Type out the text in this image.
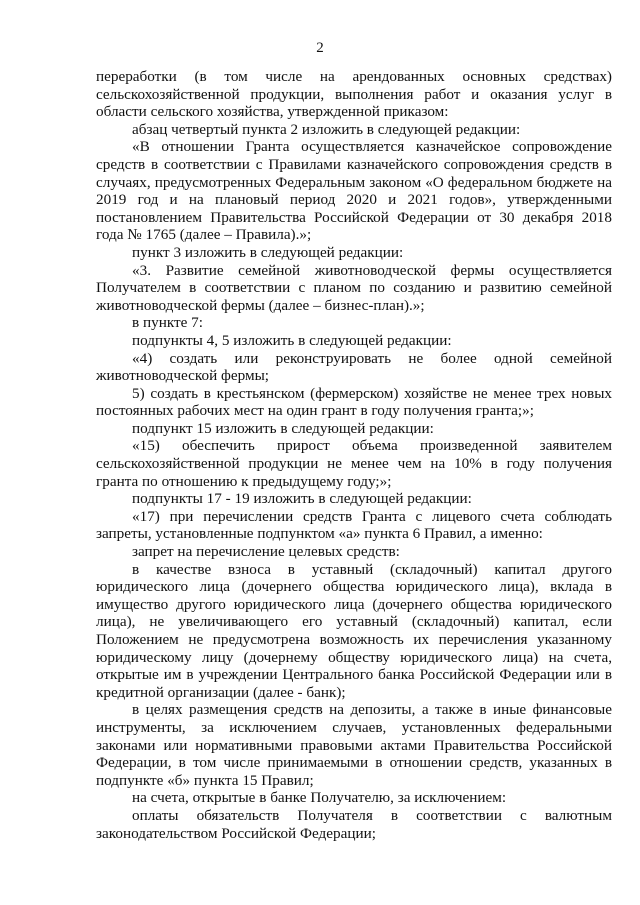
2

переработки (в том числе на арендованных основных средствах) сельскохозяйственной продукции, выполнения работ и оказания услуг в области сельского хозяйства, утвержденной приказом:

абзац четвертый пункта 2 изложить в следующей редакции:

«В отношении Гранта осуществляется казначейское сопровождение средств в соответствии с Правилами казначейского сопровождения средств в случаях, предусмотренных Федеральным законом «О федеральном бюджете на 2019 год и на плановый период 2020 и 2021 годов», утвержденными постановлением Правительства Российской Федерации от 30 декабря 2018 года № 1765 (далее – Правила).»;

пункт 3 изложить в следующей редакции:

«3. Развитие семейной животноводческой фермы осуществляется Получателем в соответствии с планом по созданию и развитию семейной животноводческой фермы (далее – бизнес-план).»;

в пункте 7:

подпункты 4, 5 изложить в следующей редакции:

«4) создать или реконструировать не более одной семейной животноводческой фермы;

5) создать в крестьянском (фермерском) хозяйстве не менее трех новых постоянных рабочих мест на один грант в году получения гранта;»;

подпункт 15 изложить в следующей редакции:

«15) обеспечить прирост объема произведенной заявителем сельскохозяйственной продукции не менее чем на 10% в году получения гранта по отношению к предыдущему году;»;

подпункты 17 - 19 изложить в следующей редакции:

«17) при перечислении средств Гранта с лицевого счета соблюдать запреты, установленные подпунктом «а» пункта 6 Правил, а именно:

запрет на перечисление целевых средств:

в качестве взноса в уставный (складочный) капитал другого юридического лица (дочернего общества юридического лица), вклада в имущество другого юридического лица (дочернего общества юридического лица), не увеличивающего его уставный (складочный) капитал, если Положением не предусмотрена возможность их перечисления указанному юридическому лицу (дочернему обществу юридического лица) на счета, открытые им в учреждении Центрального банка Российской Федерации или в кредитной организации (далее - банк);

в целях размещения средств на депозиты, а также в иные финансовые инструменты, за исключением случаев, установленных федеральными законами или нормативными правовыми актами Правительства Российской Федерации, в том числе принимаемыми в отношении средств, указанных в подпункте «б» пункта 15 Правил;

на счета, открытые в банке Получателю, за исключением:

оплаты обязательств Получателя в соответствии с валютным законодательством Российской Федерации;
